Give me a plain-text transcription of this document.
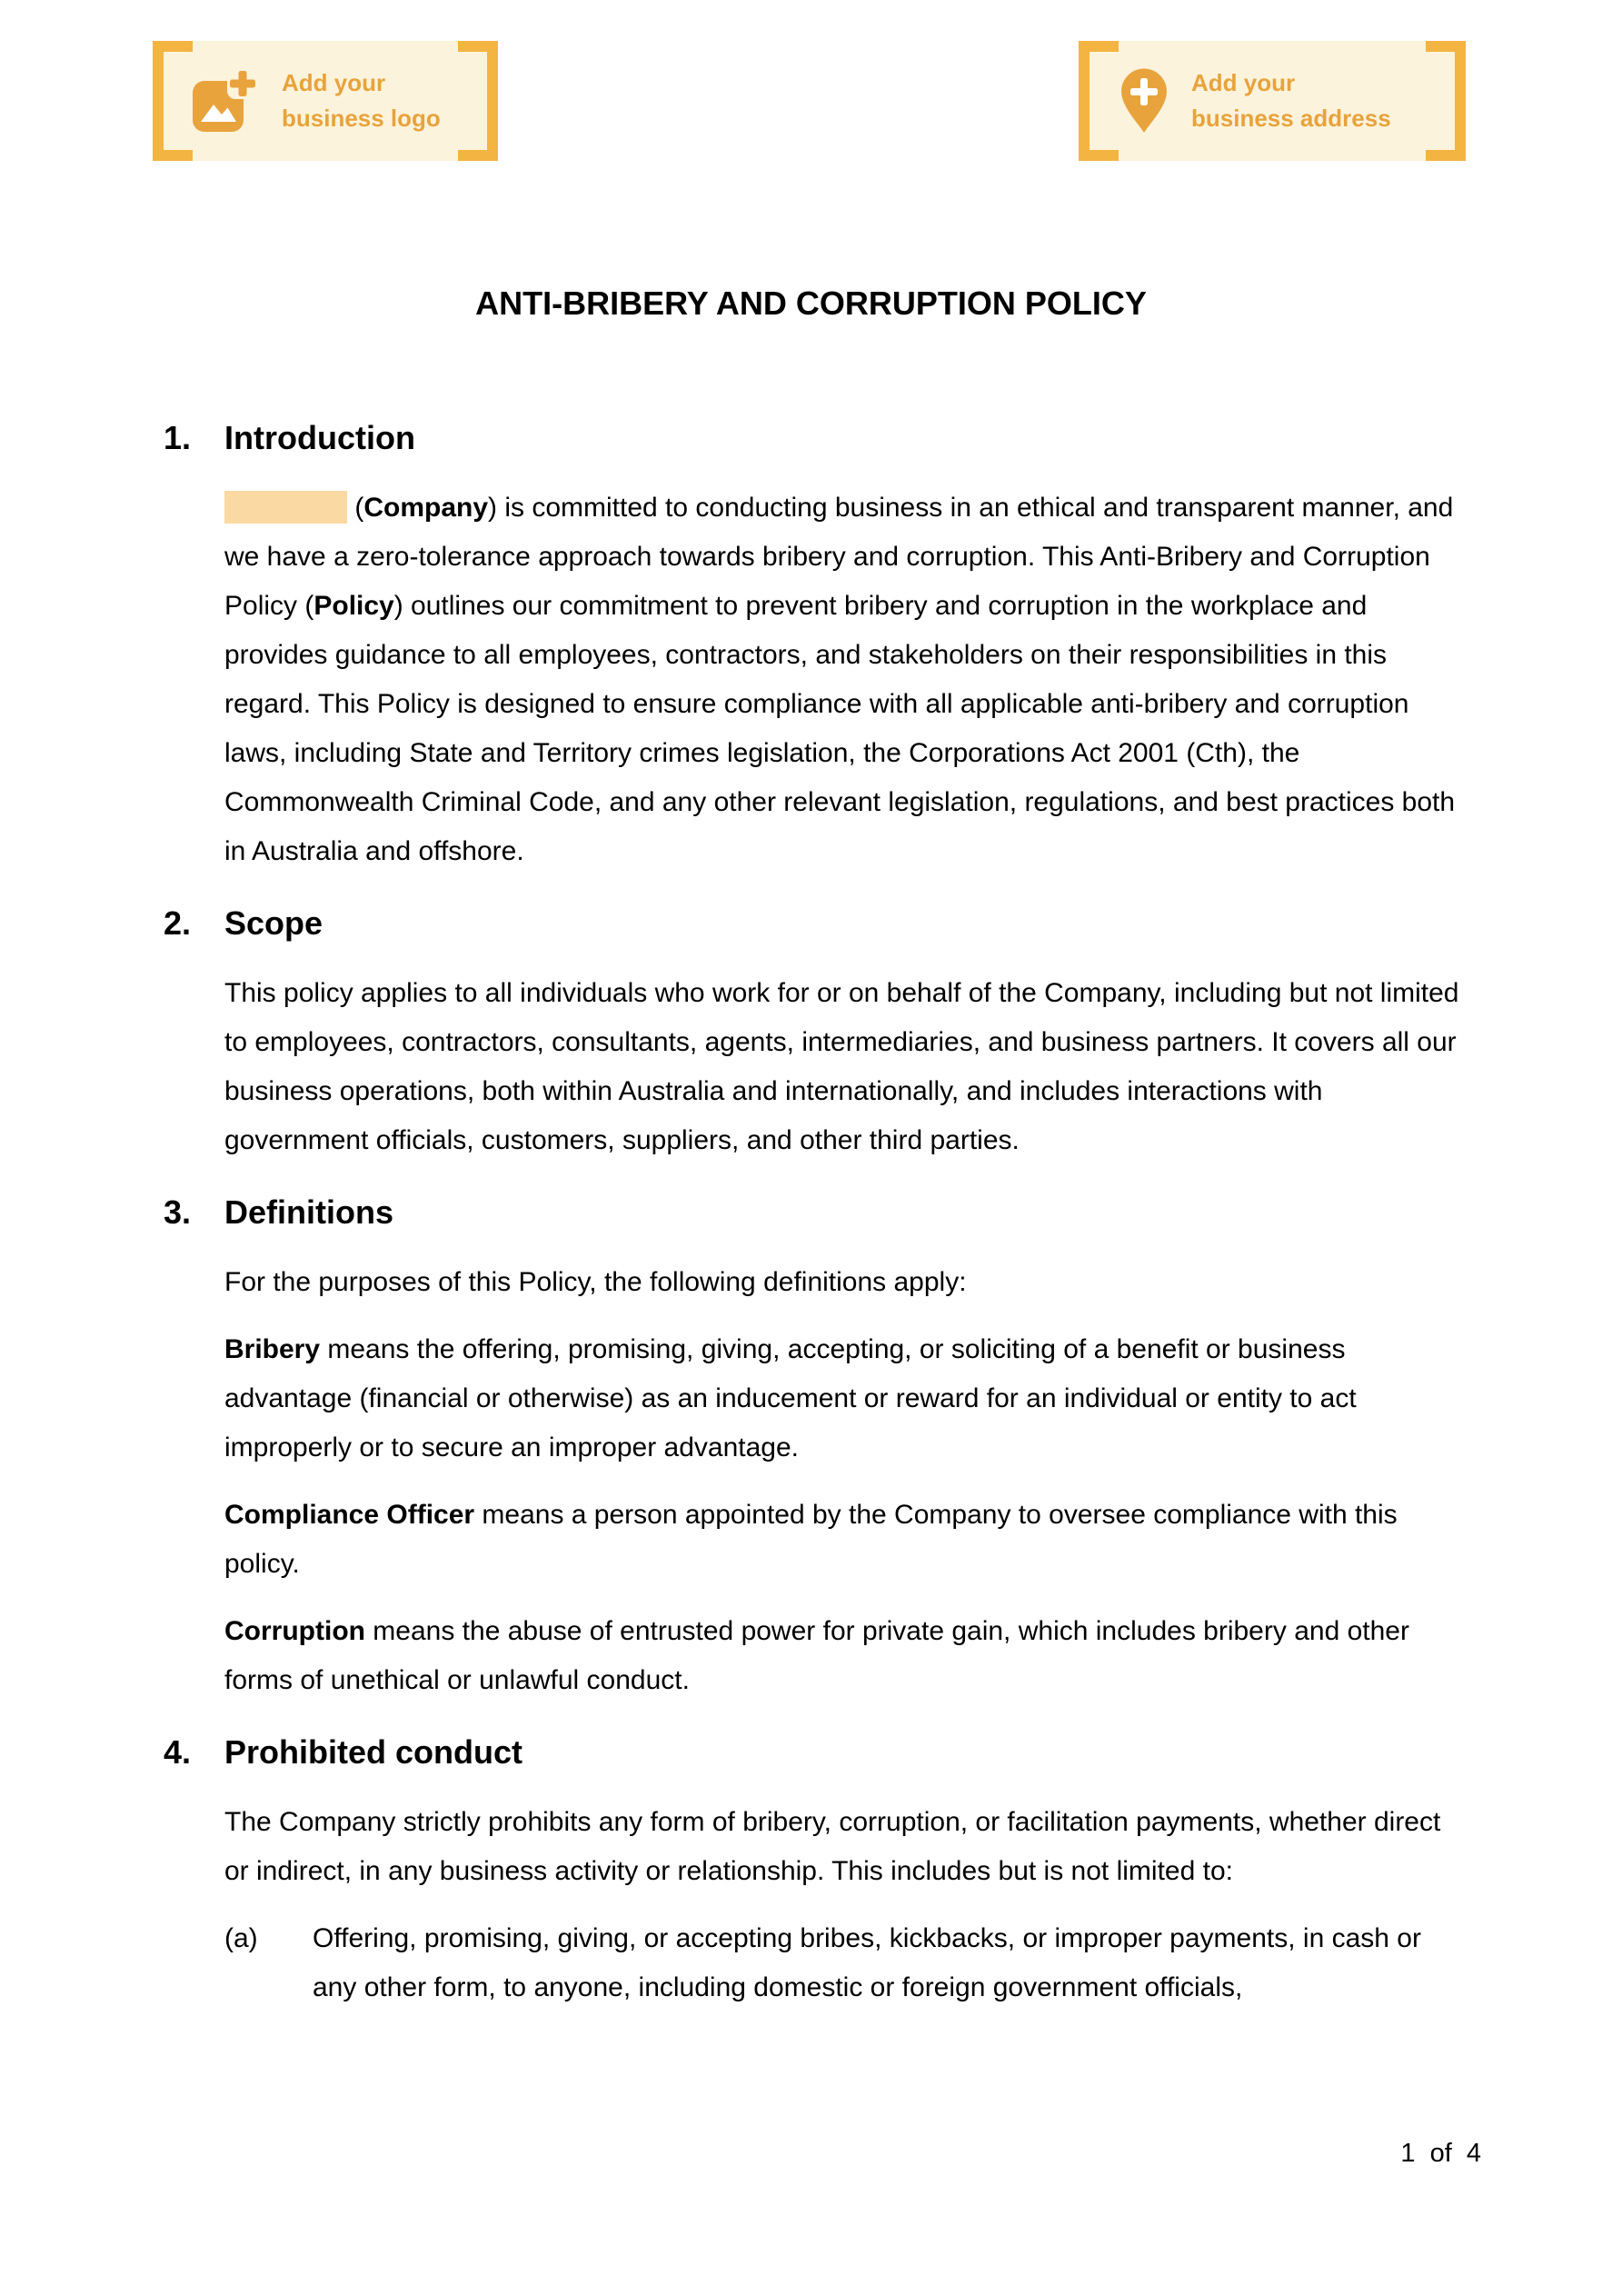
Add your
business logo
Add your
business address
ANTI-BRIBERY AND CORRUPTION POLICY
1.	Introduction

(Company) is committed to conducting business in an ethical and transparent manner, and we have a zero-tolerance approach towards bribery and corruption. This Anti-Bribery and Corruption Policy (Policy) outlines our commitment to prevent bribery and corruption in the workplace and provides guidance to all employees, contractors, and stakeholders on their responsibilities in this regard. This Policy is designed to ensure compliance with all applicable anti-bribery and corruption laws, including State and Territory crimes legislation, the Corporations Act 2001 (Cth), the Commonwealth Criminal Code, and any other relevant legislation, regulations, and best practices both in Australia and offshore.

2.	Scope

This policy applies to all individuals who work for or on behalf of the Company, including but not limited to employees, contractors, consultants, agents, intermediaries, and business partners. It covers all our business operations, both within Australia and internationally, and includes interactions with government officials, customers, suppliers, and other third parties.

3.	Definitions

For the purposes of this Policy, the following definitions apply:

Bribery means the offering, promising, giving, accepting, or soliciting of a benefit or business advantage (financial or otherwise) as an inducement or reward for an individual or entity to act improperly or to secure an improper advantage.

Compliance Officer means a person appointed by the Company to oversee compliance with this policy.

Corruption means the abuse of entrusted power for private gain, which includes bribery and other forms of unethical or unlawful conduct.

4.	Prohibited conduct

The Company strictly prohibits any form of bribery, corruption, or facilitation payments, whether direct or indirect, in any business activity or relationship. This includes but is not limited to:

(a)	Offering, promising, giving, or accepting bribes, kickbacks, or improper payments, in cash or any other form, to anyone, including domestic or foreign government officials,
1  of  4
